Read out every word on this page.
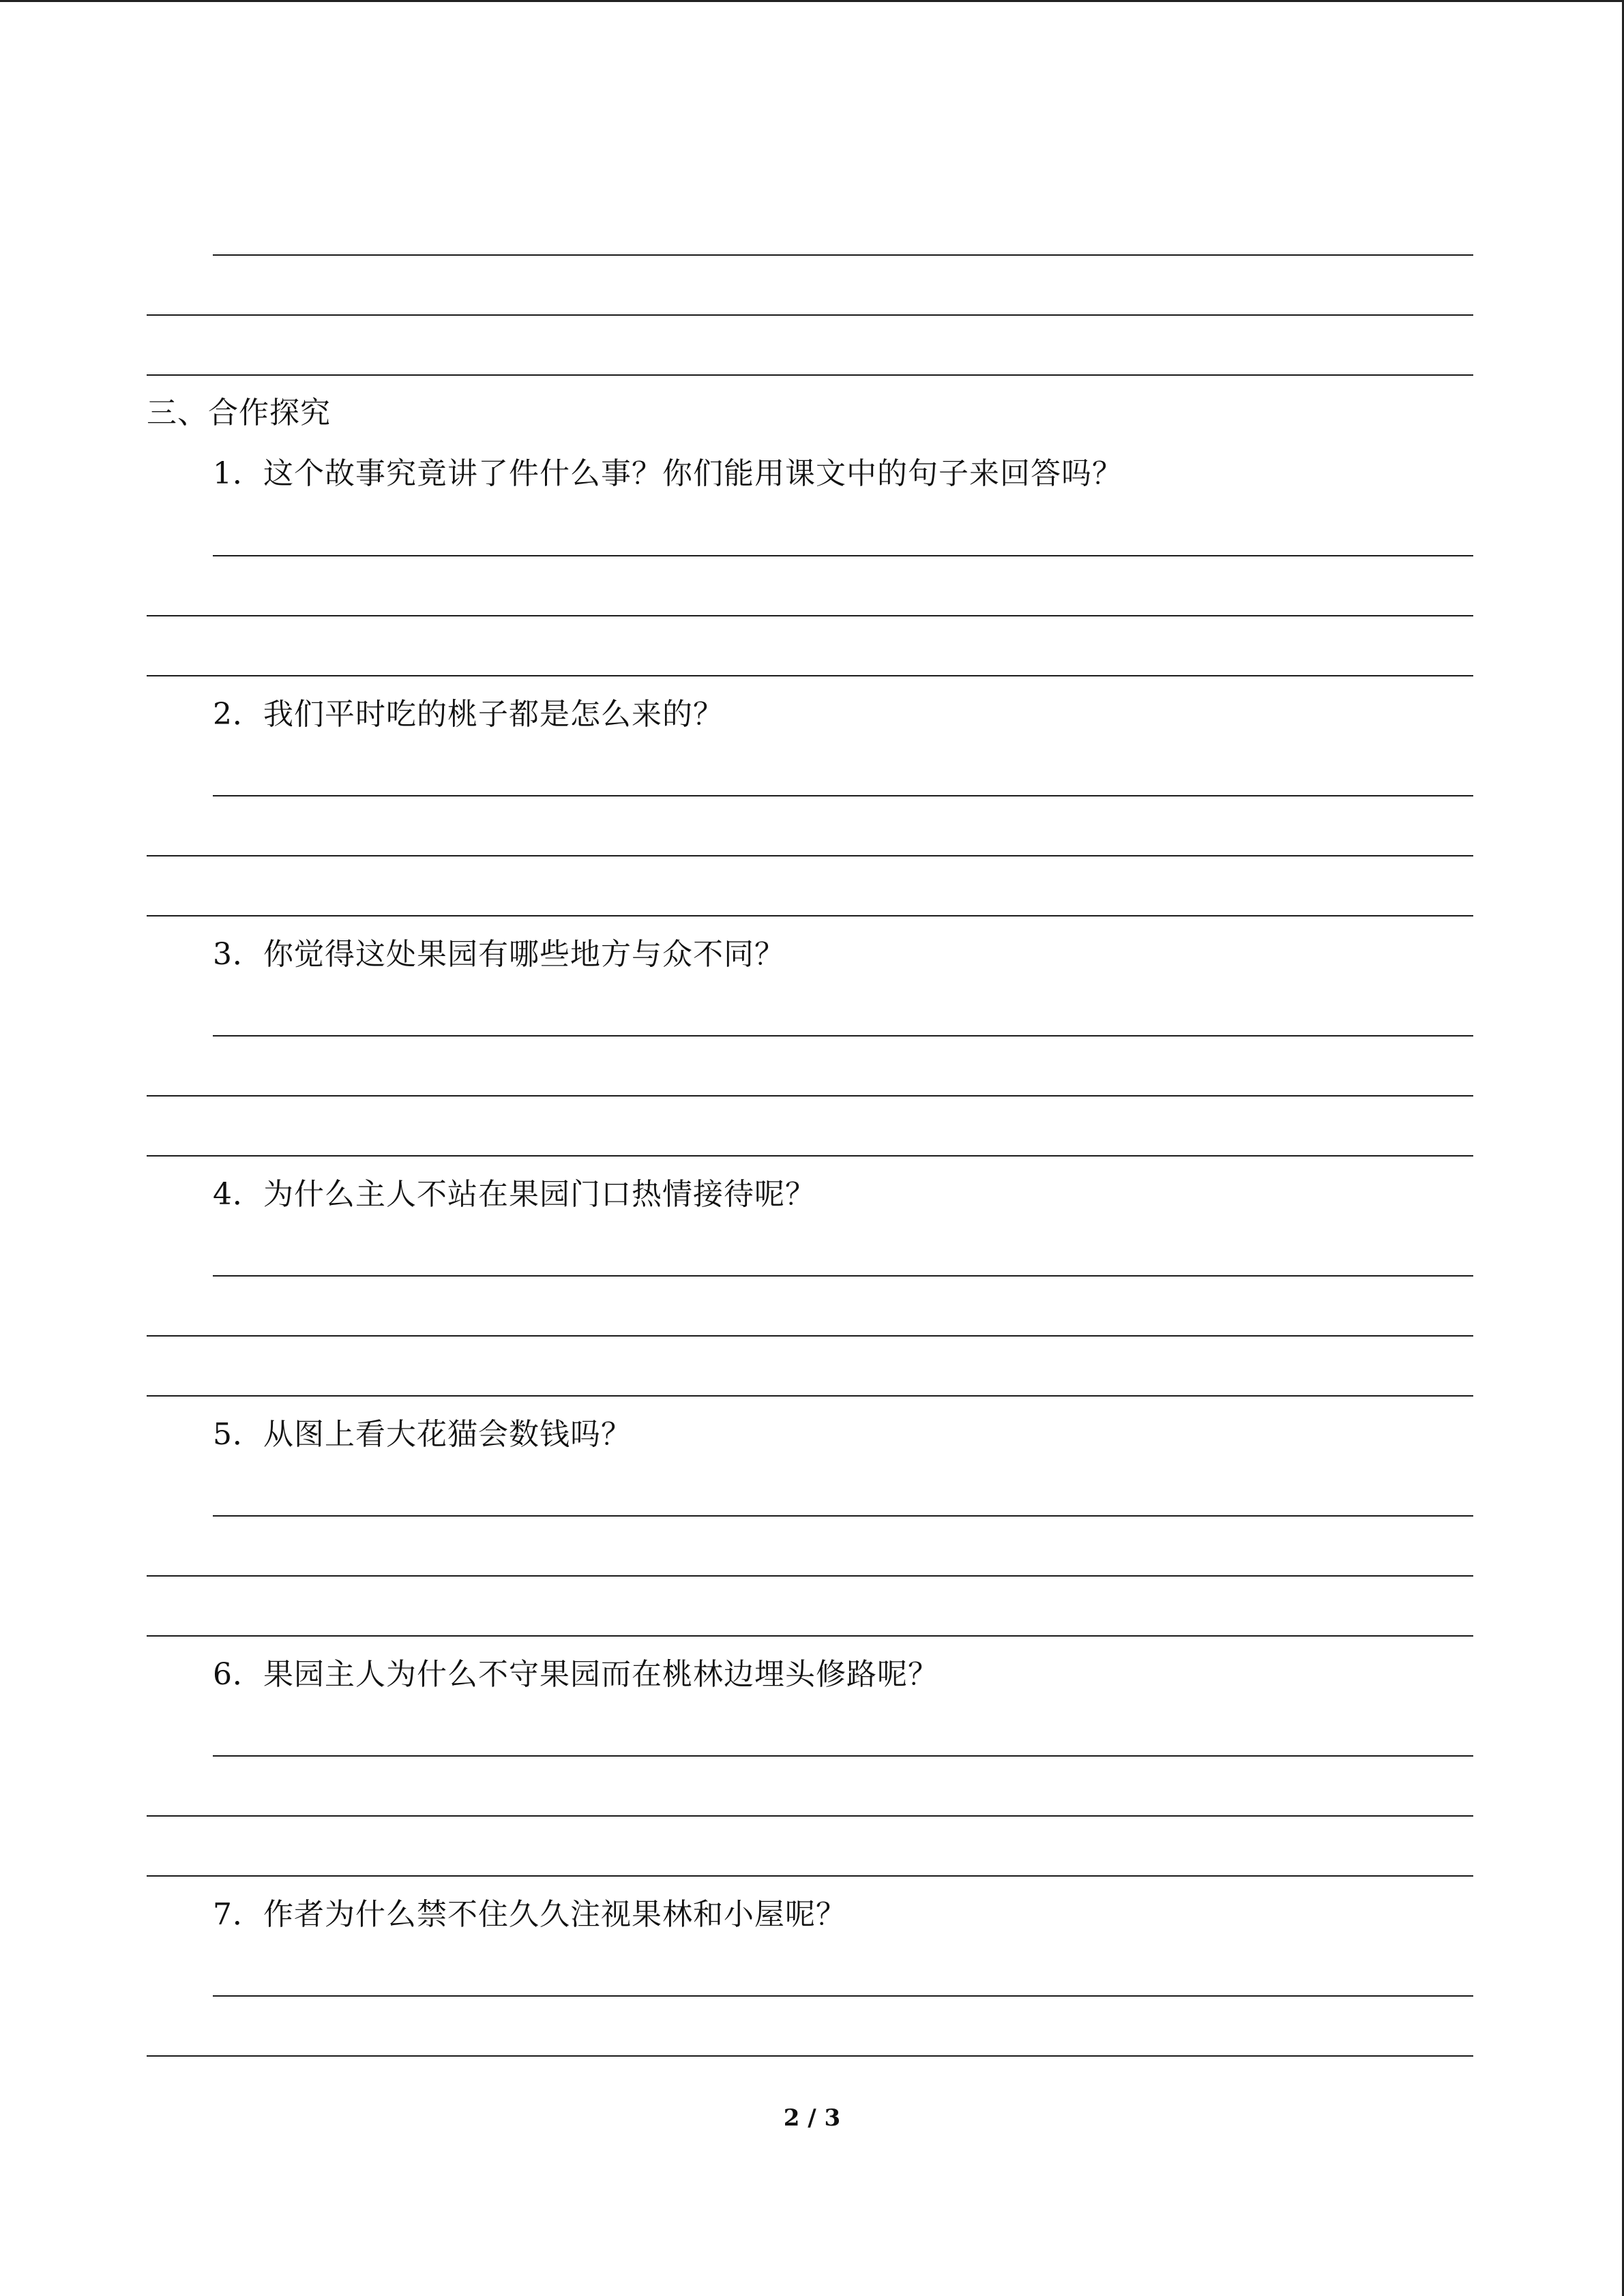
三、合作探究
1．这个故事究竟讲了件什么事？你们能用课文中的句子来回答吗？
2．我们平时吃的桃子都是怎么来的？
3．你觉得这处果园有哪些地方与众不同？
4．为什么主人不站在果园门口热情接待呢？
5．从图上看大花猫会数钱吗？
6．果园主人为什么不守果园而在桃林边埋头修路呢？
7．作者为什么禁不住久久注视果林和小屋呢？
2 / 3
